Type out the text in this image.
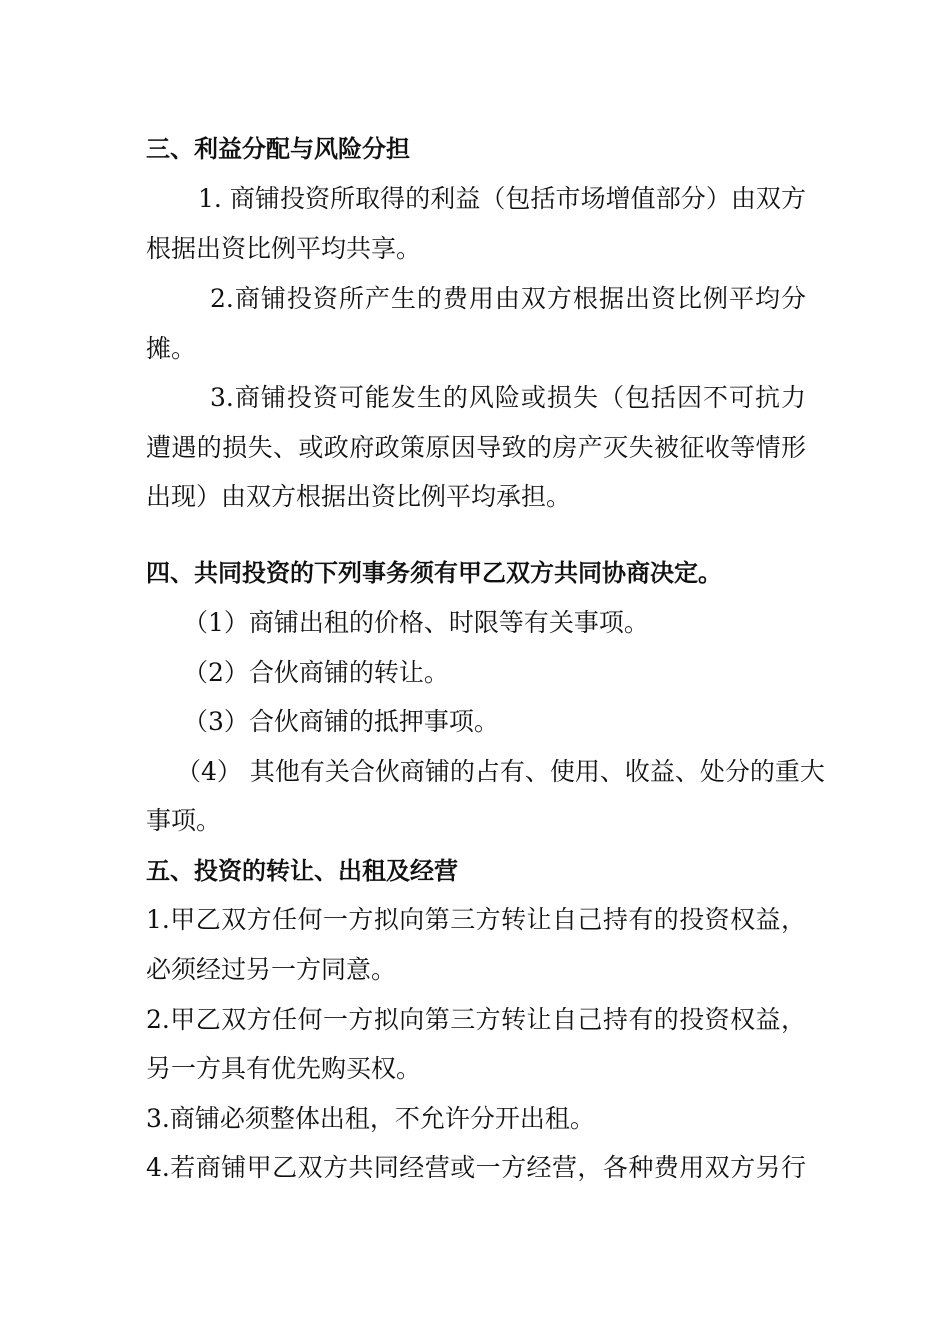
三、利益分配与风险分担
1. 商铺投资所取得的利益（包括市场增值部分）由双方
根据出资比例平均共享。
2.商铺投资所产生的费用由双方根据出资比例平均分
摊。
3.商铺投资可能发生的风险或损失（包括因不可抗力
遭遇的损失、或政府政策原因导致的房产灭失被征收等情形
出现）由双方根据出资比例平均承担。
四、共同投资的下列事务须有甲乙双方共同协商决定。
（1）商铺出租的价格、时限等有关事项。
（2）合伙商铺的转让。
（3）合伙商铺的抵押事项。
（4） 其他有关合伙商铺的占有、使用、收益、处分的重大
事项。
五、投资的转让、出租及经营
1.甲乙双方任何一方拟向第三方转让自己持有的投资权益，
必须经过另一方同意。
2.甲乙双方任何一方拟向第三方转让自己持有的投资权益，
另一方具有优先购买权。
3.商铺必须整体出租，不允许分开出租。
4.若商铺甲乙双方共同经营或一方经营，各种费用双方另行
